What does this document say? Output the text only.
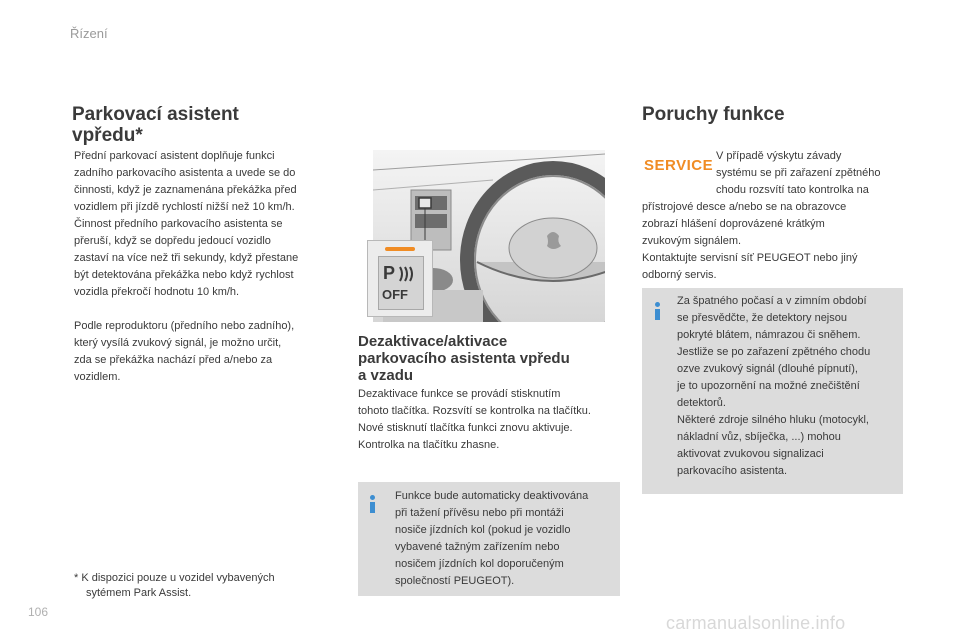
Řízení
Parkovací asistent
vpředu*
Přední parkovací asistent doplňuje funkci
zadního parkovacího asistenta a uvede se do
činnosti, když je zaznamenána překážka před
vozidlem při jízdě rychlostí nižší než 10 km/h.
Činnost předního parkovacího asistenta se
přeruší, když se dopředu jedoucí vozidlo
zastaví na více než tři sekundy, když přestane
být detektována překážka nebo když rychlost
vozidla překročí hodnotu 10 km/h.
Podle reproduktoru (předního nebo zadního),
který vysílá zvukový signál, je možno určit,
zda se překážka nachází před a/nebo za
vozidlem.
* K dispozici pouze u vozidel vybavených
sytémem Park Assist.
P
OFF
Dezaktivace/aktivace
parkovacího asistenta vpředu
a vzadu
Dezaktivace funkce se provádí stisknutím
tohoto tlačítka. Rozsvítí se kontrolka na tlačítku.
Nové stisknutí tlačítka funkci znovu aktivuje.
Kontrolka na tlačítku zhasne.
Funkce bude automaticky deaktivována
při tažení přívěsu nebo při montáži
nosiče jízdních kol (pokud je vozidlo
vybavené tažným zařízením nebo
nosičem jízdních kol doporučeným
společností PEUGEOT).
Poruchy funkce
SERVICE
V případě výskytu závady
systému se při zařazení zpětného
chodu rozsvítí tato kontrolka na
přístrojové desce a/nebo se na obrazovce
zobrazí hlášení doprovázené krátkým
zvukovým signálem.
Kontaktujte servisní síť PEUGEOT nebo jiný
odborný servis.
Za špatného počasí a v zimním období
se přesvědčte, že detektory nejsou
pokryté blátem, námrazou či sněhem.
Jestliže se po zařazení zpětného chodu
ozve zvukový signál (dlouhé pípnutí),
je to upozornění na možné znečištění
detektorů.
Některé zdroje silného hluku (motocykl,
nákladní vůz, sbíječka, ...) mohou
aktivovat zvukovou signalizaci
parkovacího asistenta.
106
carmanualsonline.info
